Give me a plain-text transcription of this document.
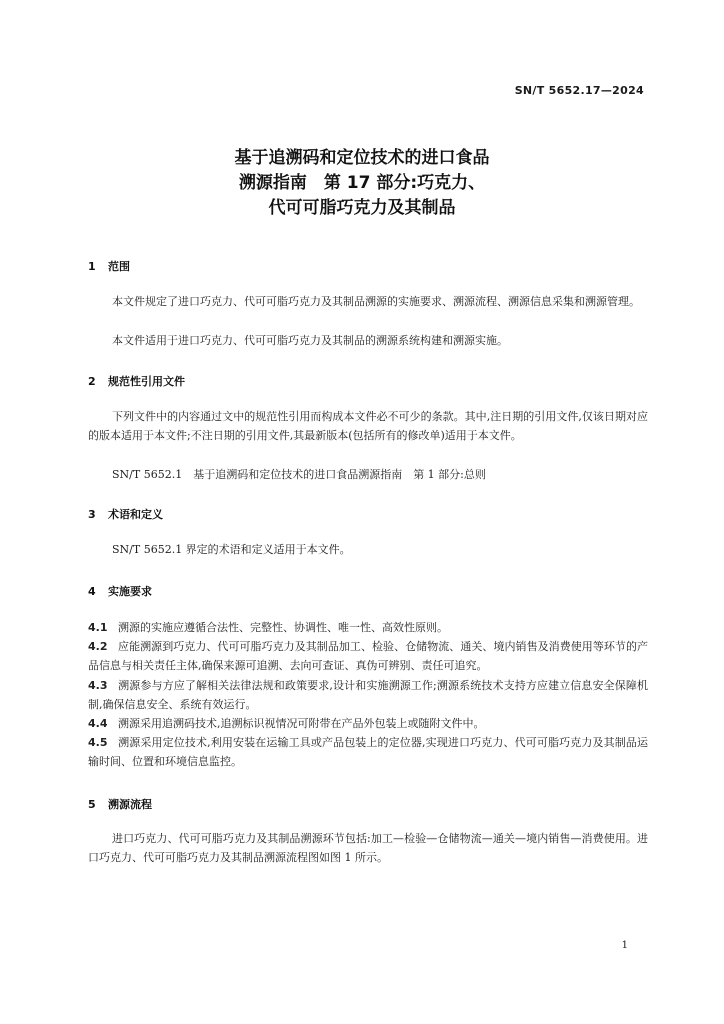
SN/T 5652.17—2024
基于追溯码和定位技术的进口食品
溯源指南　第 17 部分:巧克力、
代可可脂巧克力及其制品
1 范围
本文件规定了进口巧克力、代可可脂巧克力及其制品溯源的实施要求、溯源流程、溯源信息采集和溯源管理。
本文件适用于进口巧克力、代可可脂巧克力及其制品的溯源系统构建和溯源实施。
2 规范性引用文件
下列文件中的内容通过文中的规范性引用而构成本文件必不可少的条款。其中,注日期的引用文件,仅该日期对应的版本适用于本文件;不注日期的引用文件,其最新版本(包括所有的修改单)适用于本文件。
SN/T 5652.1　基于追溯码和定位技术的进口食品溯源指南　第 1 部分:总则
3 术语和定义
SN/T 5652.1 界定的术语和定义适用于本文件。
4 实施要求
4.1 溯源的实施应遵循合法性、完整性、协调性、唯一性、高效性原则。
4.2 应能溯源到巧克力、代可可脂巧克力及其制品加工、检验、仓储物流、通关、境内销售及消费使用等环节的产品信息与相关责任主体,确保来源可追溯、去向可查证、真伪可辨别、责任可追究。
4.3 溯源参与方应了解相关法律法规和政策要求,设计和实施溯源工作;溯源系统技术支持方应建立信息安全保障机制,确保信息安全、系统有效运行。
4.4 溯源采用追溯码技术,追溯标识视情况可附带在产品外包装上或随附文件中。
4.5 溯源采用定位技术,利用安装在运输工具或产品包装上的定位器,实现进口巧克力、代可可脂巧克力及其制品运输时间、位置和环境信息监控。
5 溯源流程
进口巧克力、代可可脂巧克力及其制品溯源环节包括:加工—检验—仓储物流—通关—境内销售—消费使用。进口巧克力、代可可脂巧克力及其制品溯源流程图如图 1 所示。
1
